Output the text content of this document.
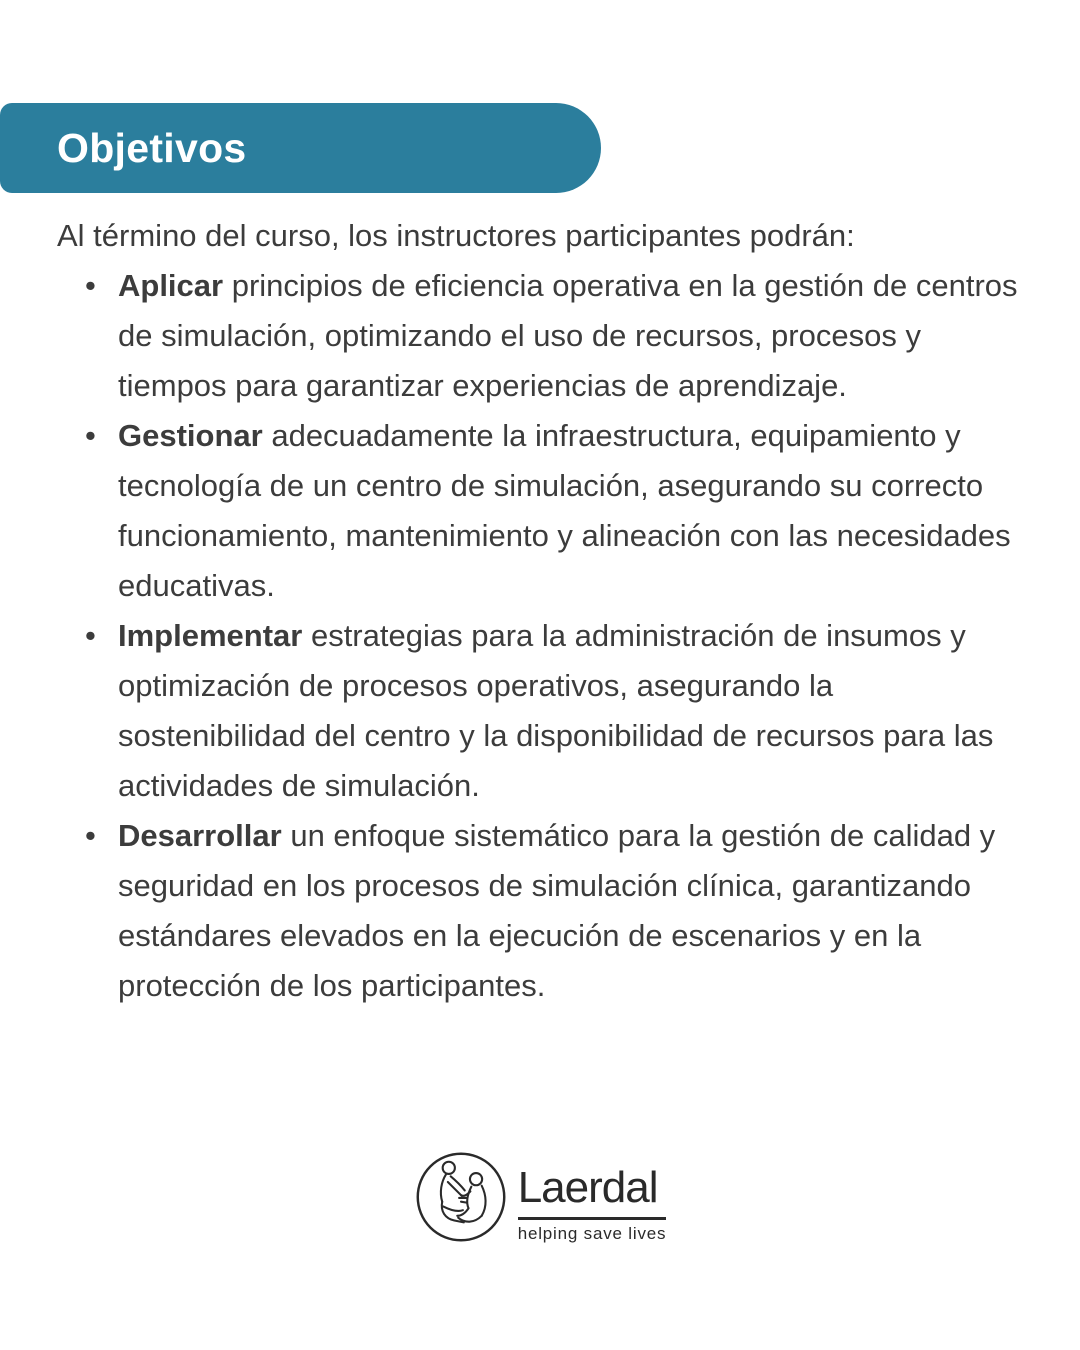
Objetivos

Al término del curso, los instructores participantes podrán:

• Aplicar principios de eficiencia operativa en la gestión de centros de simulación, optimizando el uso de recursos, procesos y tiempos para garantizar experiencias de aprendizaje.
• Gestionar adecuadamente la infraestructura, equipamiento y tecnología de un centro de simulación, asegurando su correcto funcionamiento, mantenimiento y alineación con las necesidades educativas.
• Implementar estrategias para la administración de insumos y optimización de procesos operativos, asegurando la sostenibilidad del centro y la disponibilidad de recursos para las actividades de simulación.
• Desarrollar un enfoque sistemático para la gestión de calidad y seguridad en los procesos de simulación clínica, garantizando estándares elevados en la ejecución de escenarios y en la protección de los participantes.
Laerdal
helping save lives
